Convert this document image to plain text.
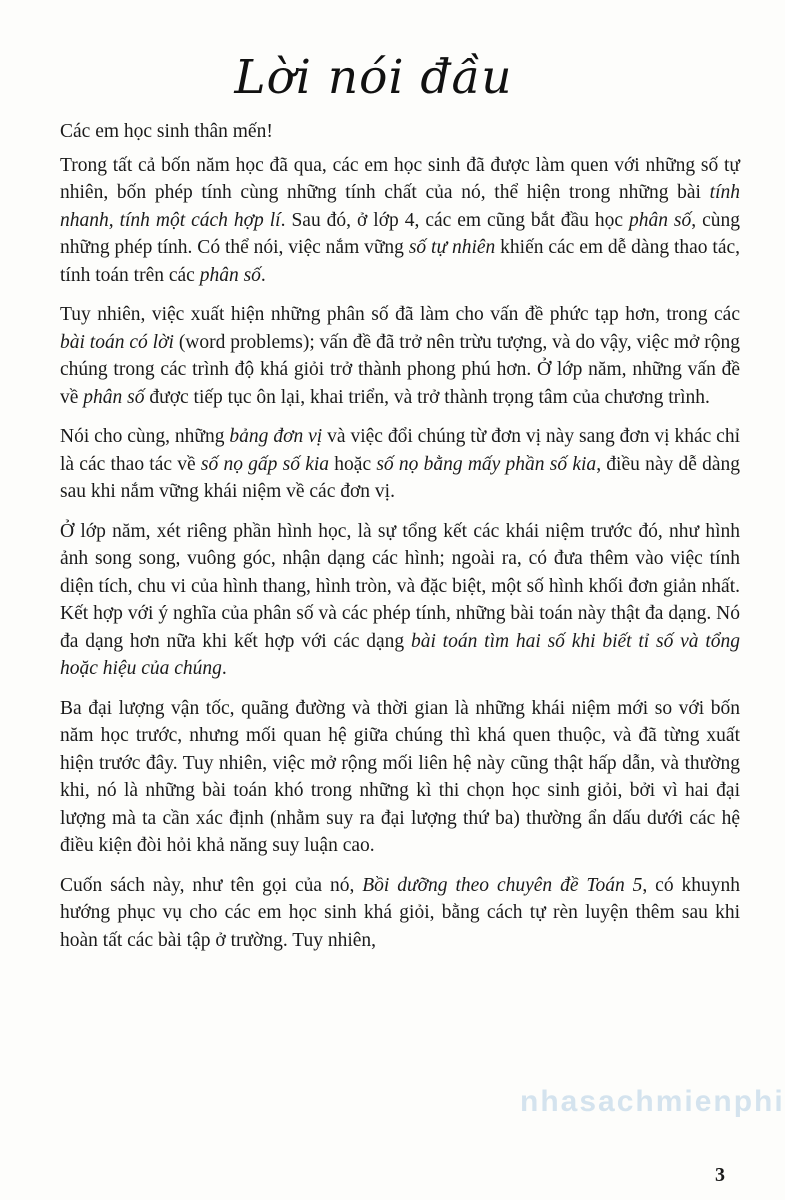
Lời nói đầu

Các em học sinh thân mến!

Trong tất cả bốn năm học đã qua, các em học sinh đã được làm quen với những số tự nhiên, bốn phép tính cùng những tính chất của nó, thể hiện trong những bài tính nhanh, tính một cách hợp lí. Sau đó, ở lớp 4, các em cũng bắt đầu học phân số, cùng những phép tính. Có thể nói, việc nắm vững số tự nhiên khiến các em dễ dàng thao tác, tính toán trên các phân số.

Tuy nhiên, việc xuất hiện những phân số đã làm cho vấn đề phức tạp hơn, trong các bài toán có lời (word problems); vấn đề đã trở nên trừu tượng, và do vậy, việc mở rộng chúng trong các trình độ khá giỏi trở thành phong phú hơn. Ở lớp năm, những vấn đề về phân số được tiếp tục ôn lại, khai triển, và trở thành trọng tâm của chương trình.

Nói cho cùng, những bảng đơn vị và việc đổi chúng từ đơn vị này sang đơn vị khác chỉ là các thao tác về số nọ gấp số kia hoặc số nọ bằng mấy phần số kia, điều này dễ dàng sau khi nắm vững khái niệm về các đơn vị.

Ở lớp năm, xét riêng phần hình học, là sự tổng kết các khái niệm trước đó, như hình ảnh song song, vuông góc, nhận dạng các hình; ngoài ra, có đưa thêm vào việc tính diện tích, chu vi của hình thang, hình tròn, và đặc biệt, một số hình khối đơn giản nhất. Kết hợp với ý nghĩa của phân số và các phép tính, những bài toán này thật đa dạng. Nó đa dạng hơn nữa khi kết hợp với các dạng bài toán tìm hai số khi biết tỉ số và tổng hoặc hiệu của chúng.

Ba đại lượng vận tốc, quãng đường và thời gian là những khái niệm mới so với bốn năm học trước, nhưng mối quan hệ giữa chúng thì khá quen thuộc, và đã từng xuất hiện trước đây. Tuy nhiên, việc mở rộng mối liên hệ này cũng thật hấp dẫn, và thường khi, nó là những bài toán khó trong những kì thi chọn học sinh giỏi, bởi vì hai đại lượng mà ta cần xác định (nhằm suy ra đại lượng thứ ba) thường ẩn dấu dưới các hệ điều kiện đòi hỏi khả năng suy luận cao.

Cuốn sách này, như tên gọi của nó, Bồi dưỡng theo chuyên đề Toán 5, có khuynh hướng phục vụ cho các em học sinh khá giỏi, bằng cách tự rèn luyện thêm sau khi hoàn tất các bài tập ở trường. Tuy nhiên,

nhasachmienphi
3
